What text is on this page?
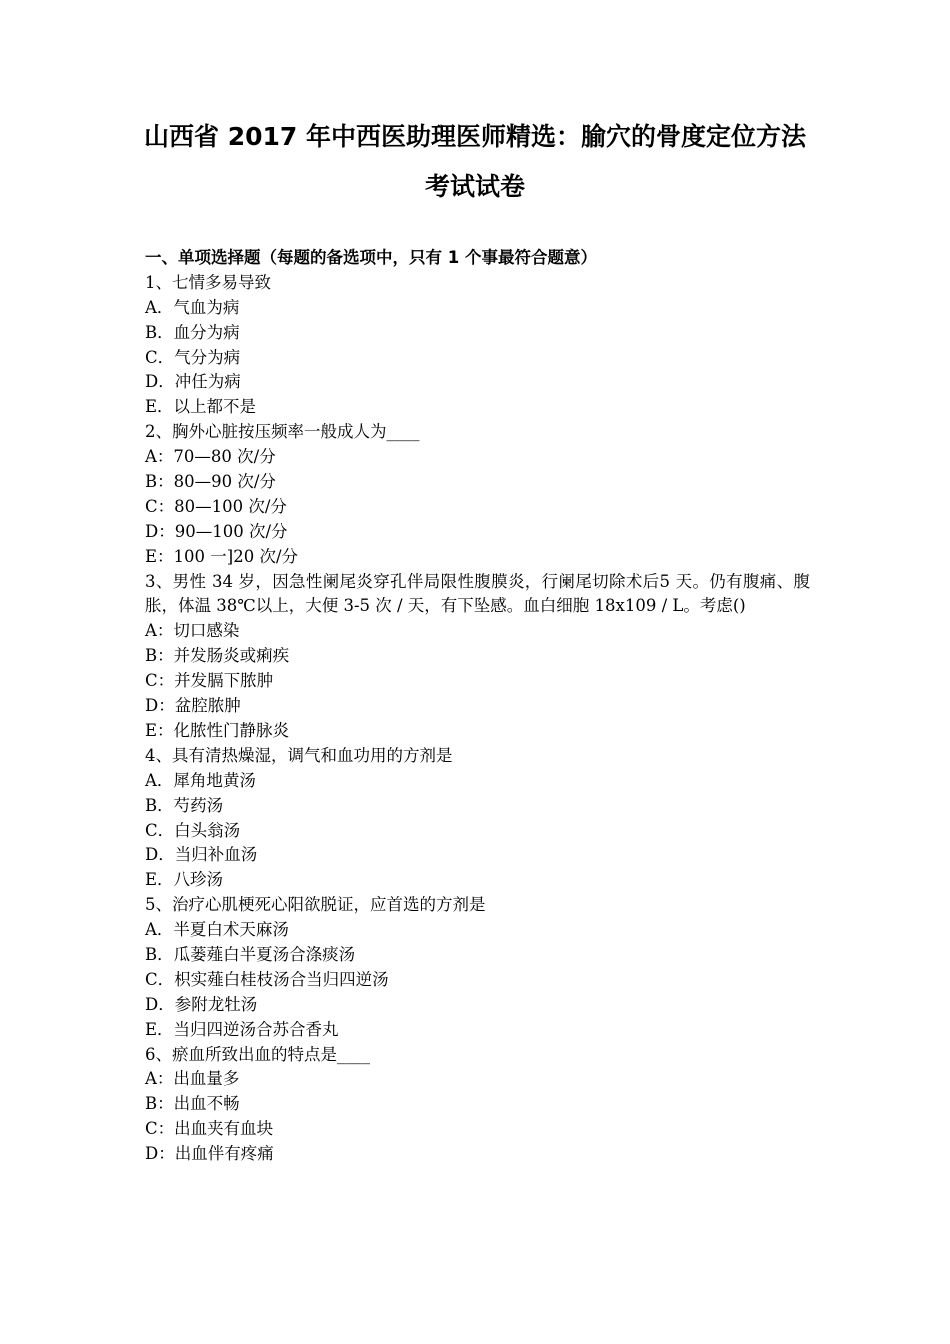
山西省 2017 年中西医助理医师精选：腧穴的骨度定位方法
考试试卷
一、单项选择题（每题的备选项中，只有 1 个事最符合题意）
1、七情多易导致
A．气血为病
B．血分为病
C．气分为病
D．冲任为病
E．以上都不是
2、胸外心脏按压频率一般成人为____
A：70—80 次/分
B：80—90 次/分
C：80—100 次/分
D：90—100 次/分
E：100 一]20 次/分
3、男性 34 岁，因急性阑尾炎穿孔伴局限性腹膜炎，行阑尾切除术后5 天。仍有腹痛、腹胀，体温 38℃以上，大便 3-5 次 / 天，有下坠感。血白细胞 18x109 / L。考虑()
A：切口感染
B：并发肠炎或痢疾
C：并发膈下脓肿
D：盆腔脓肿
E：化脓性门静脉炎
4、具有清热燥湿，调气和血功用的方剂是
A．犀角地黄汤
B．芍药汤
C．白头翁汤
D．当归补血汤
E．八珍汤
5、治疗心肌梗死心阳欲脱证，应首选的方剂是
A．半夏白术天麻汤
B．瓜蒌薤白半夏汤合涤痰汤
C．枳实薤白桂枝汤合当归四逆汤
D．参附龙牡汤
E．当归四逆汤合苏合香丸
6、瘀血所致出血的特点是____
A：出血量多
B：出血不畅
C：出血夹有血块
D：出血伴有疼痛
